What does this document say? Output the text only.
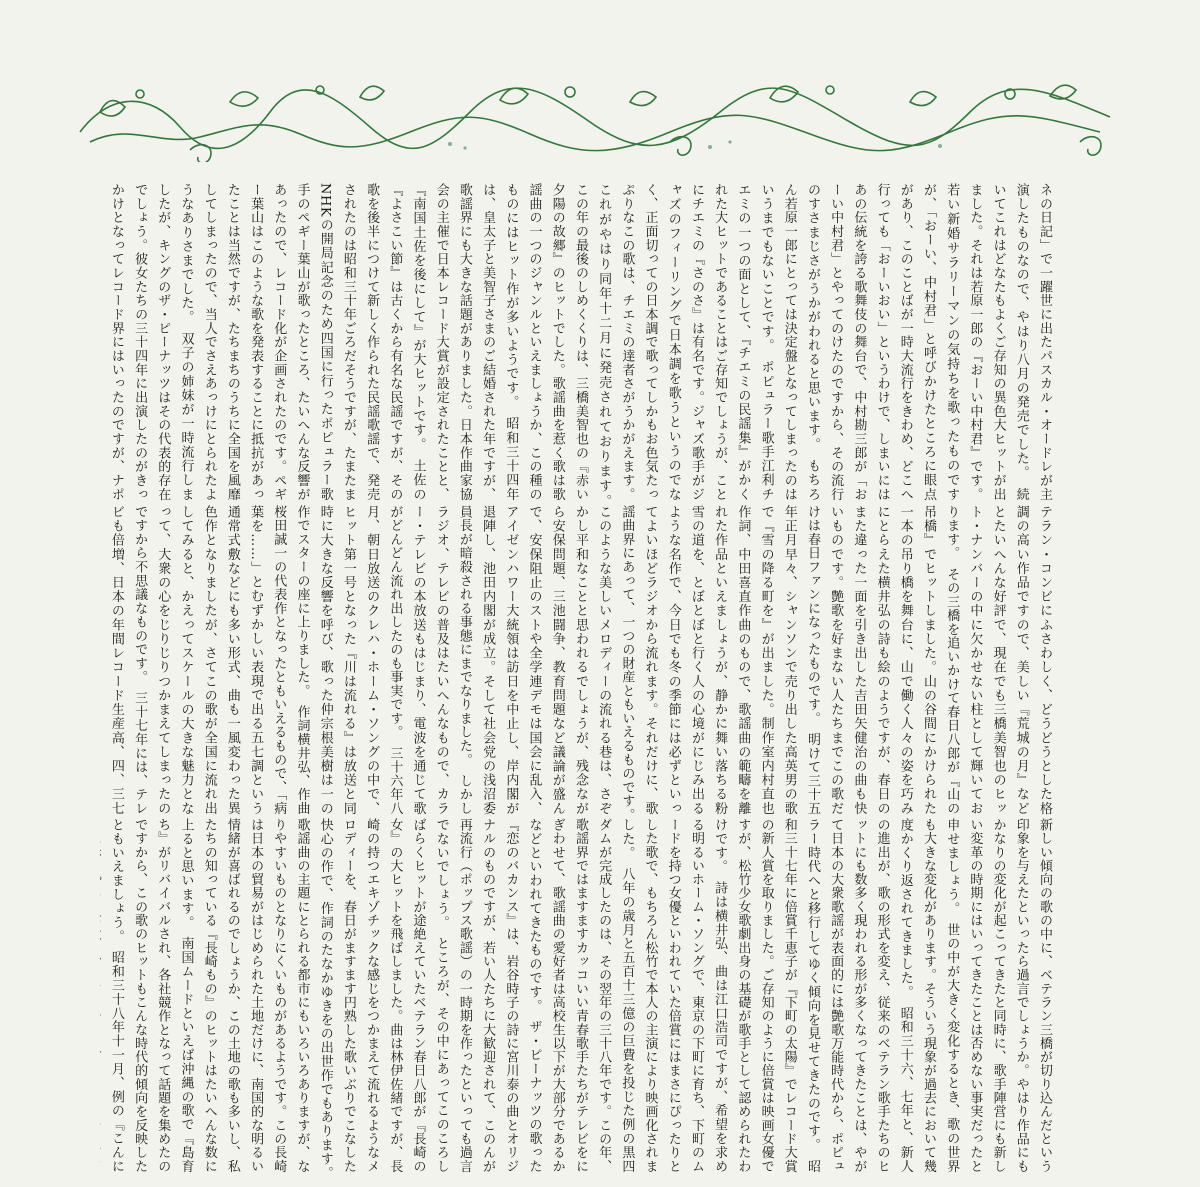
ネの日記」で一躍世に出たパスカル・オードレが主演したものなので、やはり八月の発売でした。　続いてこれはどなたもよくご存知の異色大ヒットが出ました。それは若原一郎の『おーい中村君』です。若い新婚サラリーマンの気持ちを歌ったものですが、「おーい、中村君」と呼びかけたところに眼点があり、このことばが一時大流行をきわめ、どこへ行っても「おーいおい」というわけで、しまいにはあの伝統を誇る歌舞伎の舞台で、中村勘三郎が「おーい中村君」とやってのけたのですから、その流行のすさまじさがうかがわれると思います。　もちろん若原一郎にとっては決定盤となってしまったのはいうまでもないことです。　ポピュラー歌手江利チエミの一つの面として、『チエミの民謡集』がかくれた大ヒットであることはご存知でしょうが、ことにチエミの『さのさ』は有名です。ジャズ歌手がジャズのフィーリングで日本調を歌うというのでなく、正面切っての日本調で歌ってしかもお色気たっぷりなこの歌は、チエミの達者さがうかがえます。これがやはり同年十二月に発売されております。　この年の最後のしめくくりは、三橋美智也の『赤い夕陽の故郷』のヒットでした。歌謡曲を惹く歌は歌謡曲の一つのジャンルといえましょうか、この種のものにはヒット作が多いようです。　昭和三十四年は、皇太子と美智子さまのご結婚された年ですが、歌謡界にも大きな話題がありました。日本作曲家協会の主催で日本レコード大賞が設定されたことと、『南国土佐を後にして』が大ヒットです。　土佐の『よさこい節』は古くから有名な民謡ですが、その歌を後半につけて新しく作られた民謡歌謡で、発売されたのは昭和三十年ごろだそうですが、たまたまNHKの開局記念のため四国に行ったポピュラー歌手のペギー葉山が歌ったところ、たいへんな反響があったので、レコード化が企画されたのです。ペギー葉山はこのような歌を発表することに抵抗があったことは当然ですが、たちまちのうちに全国を風靡してしまったので、当人でさえあっけにとられたようなありさまでした。　双子の姉妹が一時流行しましたが、キングのザ・ピーナッツはその代表的存在でしょう。彼女たちの三十四年に出演したのがきっかけとなってレコード界にはいったのですが、ナポ　　
テラン・コンビにふさわしく、どうどうとした格調の高い作品ですので、美しい『荒城の月』などとたいへんな好評で、現在でも三橋美智也のヒット・ナンバーの中に欠かせない柱として輝いております。　その三橋を追いかけて春日八郎が『山の吊橋』でヒットしました。山の谷間にかけられた一本の吊り橋を舞台に、山で働く人々の姿を巧みにとらえた横井弘の詩も絵のようですが、春日のまた違った一面を引き出した吉田矢健治の曲も快いものです。艶歌を好まない人たちまでこの歌だけは春日ファンになったものです。　明けて三十五年正月早々、シャンソンで売り出した高英男の歌で『雪の降る町を』が出ました。制作室内村直也作詞、中田喜直作曲のもので、歌謡曲の範疇を離れた作品といえましょうが、静かに舞い落ちる粉雪の道を、とぼとぼと行く人の心境がにじみ出るような名作で、今日でも冬の季節には必ずといってよいほどラジオから流れます。それだけに、歌謡曲界にあって、一つの財産ともいえるものです。　このような美しいメロディーの流れる巷は、さぞかし平和なことと思われるでしょうが、残念ながら安保問題、三池闘争、教育問題など議論が盛んで、安保阻止のストや全学連デモは国会に乱入、アイゼンハワー大統領は訪日を中止し、岸内閣が退陣し、池田内閣が成立。そして社会党の浅沼委員長が暗殺される事態にまでなりました。　しかしラジオ、テレビの普及はたいへんなもので、カラー・テレビの本放送もはじまり、電波を通じて歌がどんどん流れ出したのも事実です。　三十六年八月、朝日放送のクレハ・ホーム・ソングの中で、ヒット第一号となった『川は流れる』は放送と同時に大きな反響を呼び、歌った仲宗根美樹は一の作でスターの座に上りました。　作詞横井弘、作曲桜田誠一の代表作となったともいえるもので、「病葉を……」とむずかしい表現で出る五七調という通常式敷などにも多い形式、曲も一風変わった異色作となりましたが、さてこの歌が全国に流れ出してみると、かえってスケールの大きな魅力となって、大衆の心をじりじりつかまえてしまったのですから不思議なものです。　三十七年には、テレビも倍増、日本の年間レコード生産高、四、三七　　 　
新しい傾向の歌の中に、ベテラン三橋が切り込んだという印象を与えたといったら過言でしょうか。やはり作品にもかなりの変化が起こってきたと同時に、歌手陣営にも新しい変革の時期にはいってきたことは否めない事実だったと申せましょう。　世の中が大きく変化するとき、歌の世界も大きな変化があります。そういう現象が過去において幾度かくり返されてきました。　昭和三十六、七年と、新人の進出が、歌の形式を変え、従来のベテラン歌手たちのヒットにも数多く現われる形が多くなってきたことは、やがて日本の大衆歌謡が表面的には艶歌万能時代から、ポピュラー時代へと移行してゆく傾向を見せてきたのです。　昭和三十七年に倍賞千恵子が『下町の太陽』でレコード大賞の新人賞を取りました。ご存知のように倍賞は映画女優ですが、松竹少女歌劇出身の基礎が歌手として認められたわけです。　詩は横井弘、曲は江口浩司ですが、希望を求める明るいホーム・ソングで、東京の下町に育ち、下町のムードを持つ女優といわれていた倍賞にはまさにぴったりとした歌で、もちろん松竹で本人の主演により映画化されました。　八年の歳月と五百十三億の巨費を投じた例の黒四ダムが完成したのは、その翌年の三十八年です。この年、歌謡界ではますますカッコいい青春歌手たちがテレビをにぎわせて、歌謡曲の愛好者は高校生以下が大部分であるかなどといわれてきたものです。　ザ・ピーナッツの歌った『恋のバカンス』は、岩谷時子の詩に宮川泰の曲とオリジナルのものですが、若い人たちに大歓迎されて、このんが再流行（ポップス歌謡）の一時期を作ったといっても過言でないでしょう。　ところが、その中にあってこのころしばらくヒットが途絶えていたベテラン春日八郎が『長崎の女』の大ヒットを飛ばしました。曲は林伊佐緒ですが、長崎の持つエキゾチックな感じをつかまえて流れるようなメロディーを、春日がますます円熟した歌いぶりでこなした快心の作で、作詞のたなかゆきをの出世作でもあります。　歌謡曲の主題にとられる都市にもいろいろありますが、なりやすいものとなりにくいものがあるようです。この長崎は日本の貿易がはじめられた土地だけに、南国的な明るい情緒が喜ばれるのでしょうか、この土地の歌も多いし、私たちの知っている『長崎もの』のヒットはたいへんな数に上ると思います。　南国ムードといえば沖縄の歌で『島育ち』がリバイバルされ、各社競作となって話題を集めたのですから、この歌のヒットもこんな時代的傾向を反映したともいえましょう。　昭和三十八年十一月、例の『こんに
